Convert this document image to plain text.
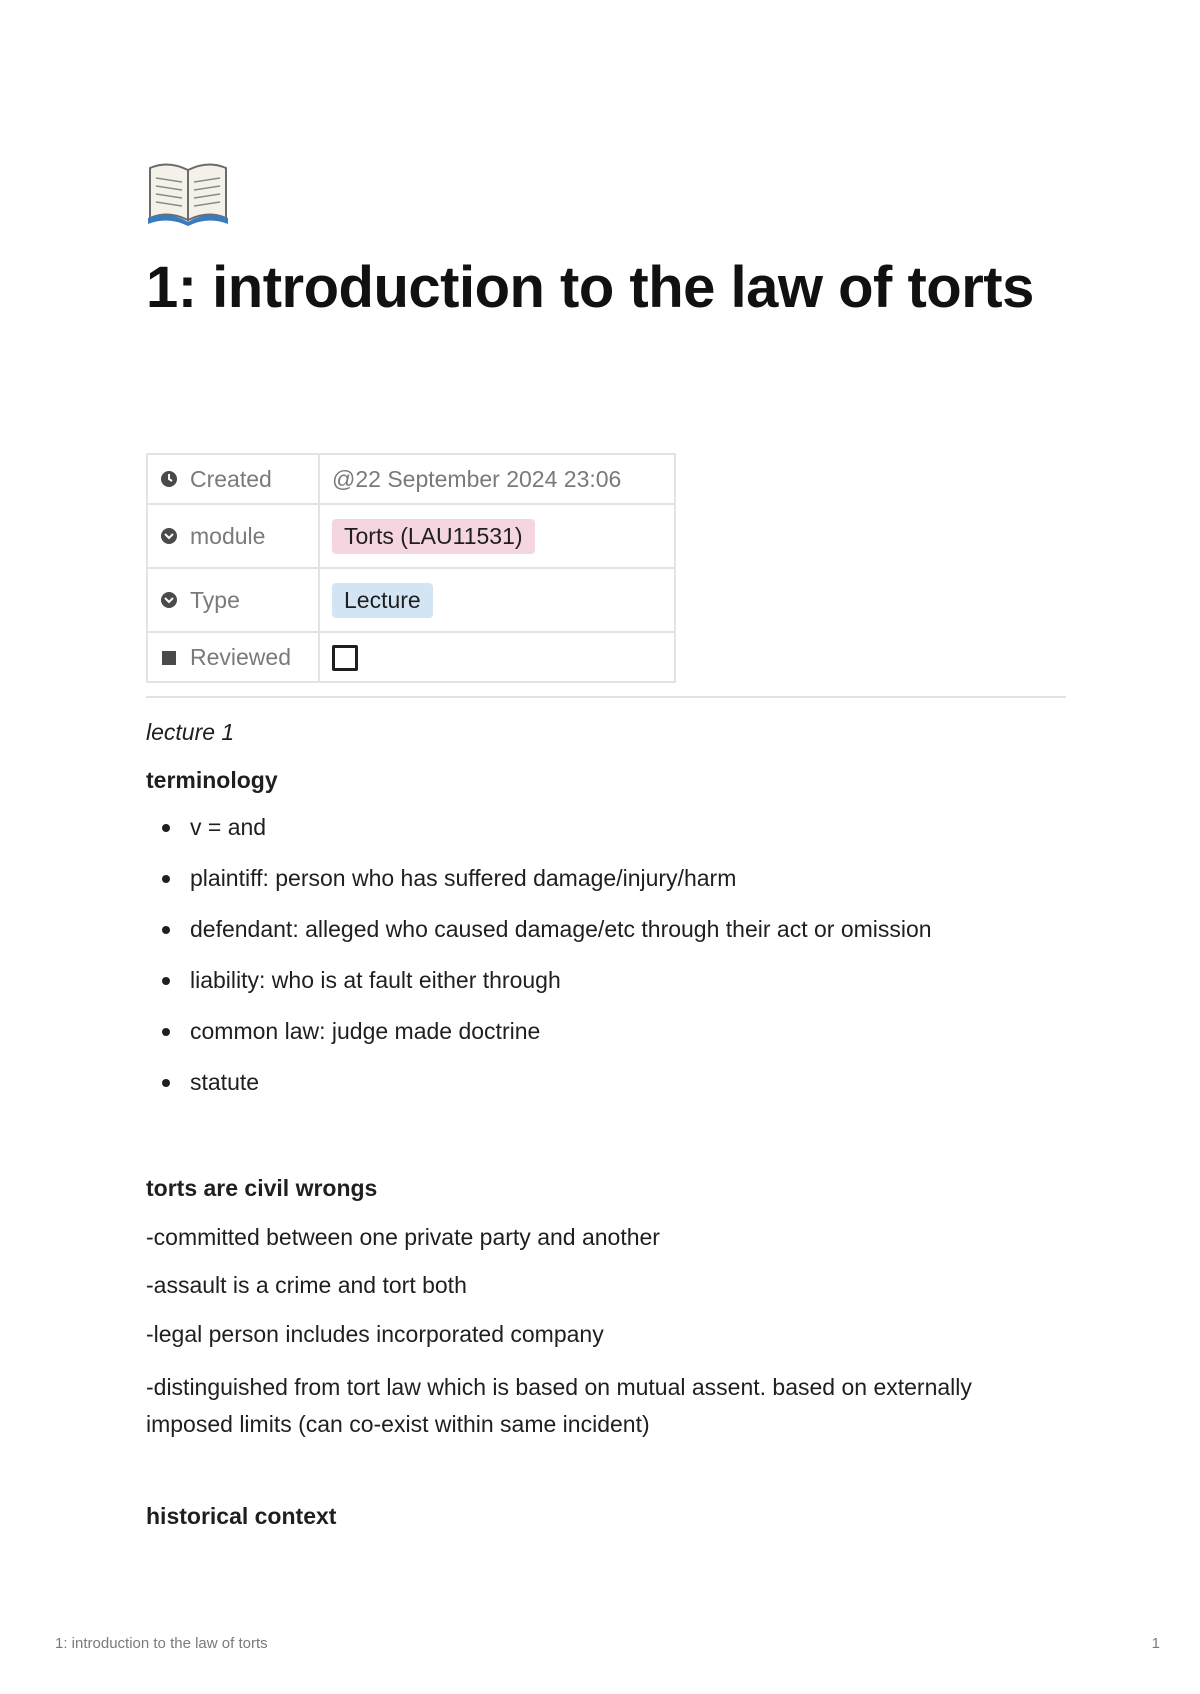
1: introduction to the law of torts
Created	@22 September 2024 23:06

module	Torts (LAU11531)

Type	Lecture

Reviewed	

lecture 1

terminology

v = and
plaintiff: person who has suffered damage/injury/harm
defendant: alleged who caused damage/etc through their act or omission
liability: who is at fault either through
common law: judge made doctrine
statute

torts are civil wrongs

-committed between one private party and another

-assault is a crime and tort both

-legal person includes incorporated company

-distinguished from tort law which is based on mutual assent. based on externally imposed limits (can co-exist within same incident)

historical context

1: introduction to the law of torts	1
